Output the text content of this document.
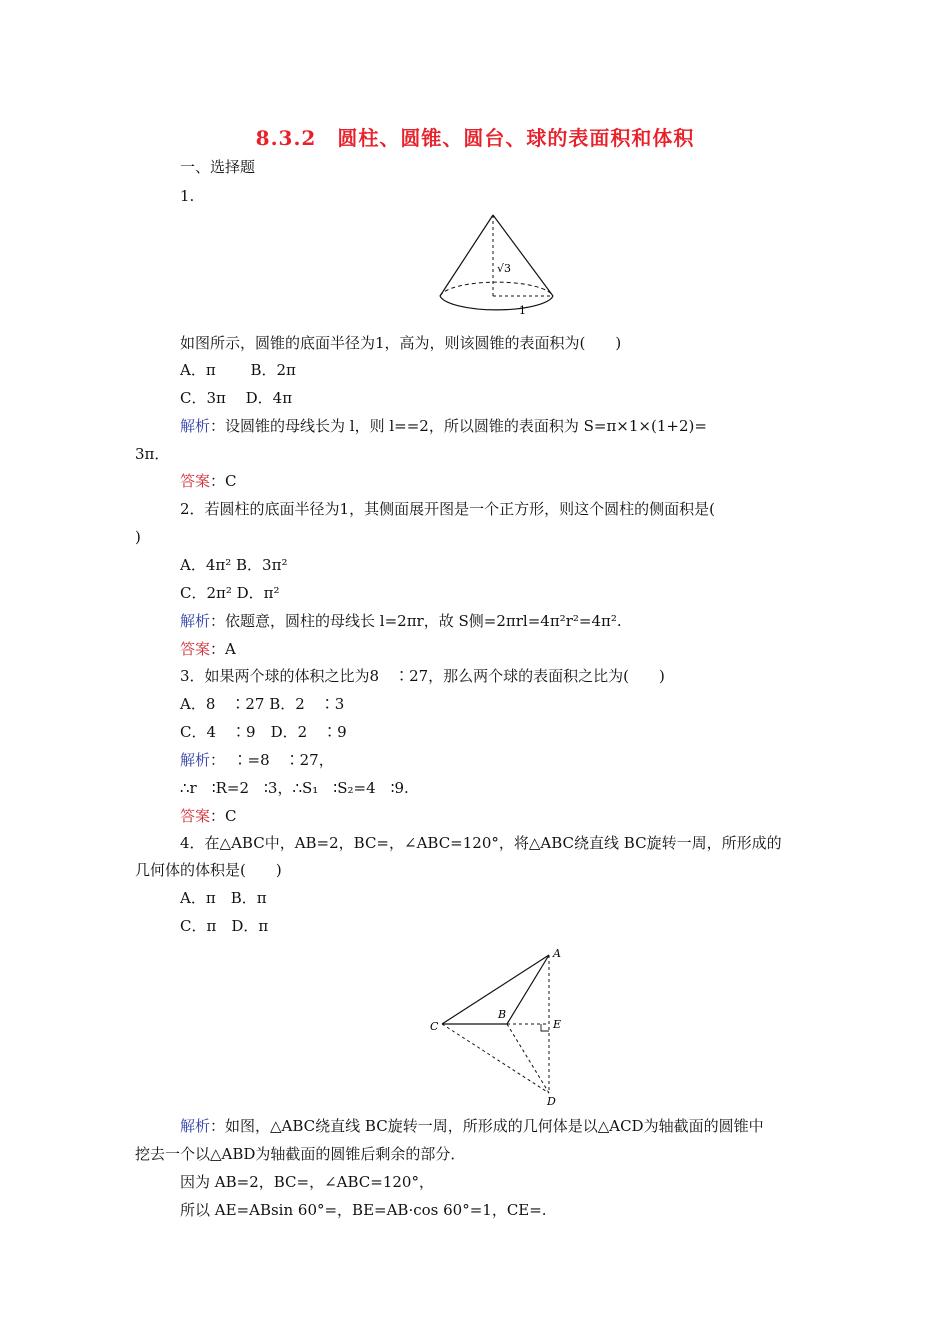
8.3.2　圆柱、圆锥、圆台、球的表面积和体积
一、选择题
1.
√3
1
如图所示，圆锥的底面半径为1，高为，则该圆锥的表面积为(　　)
A．π　　 B．2π
C．3π　 D．4π
解析：设圆锥的母线长为 l，则 l==2，所以圆锥的表面积为 S=π×1×(1+2)=
3π．
答案：C
2．若圆柱的底面半径为1，其侧面展开图是一个正方形，则这个圆柱的侧面积是(
)
A．4π² B．3π²
C．2π² D．π²
解析：依题意，圆柱的母线长 l=2πr，故 S侧=2πrl=4π²r²=4π².
答案：A
3．如果两个球的体积之比为8　∶27，那么两个球的表面积之比为(　　)
A．8　∶27 B．2　∶3
C．4　∶9　D．2　∶9
解析：　∶=8　∶27，
∴r　∶R=2　∶3，∴S₁　∶S₂=4　∶9.
答案：C
4．在△ABC中，AB=2，BC=，∠ABC=120°，将△ABC绕直线 BC旋转一周，所形成的
几何体的体积是(　　)
A．π　B．π
C．π　D．π
A
B
C	E
D
解析：如图，△ABC绕直线 BC旋转一周，所形成的几何体是以△ACD为轴截面的圆锥中
挖去一个以△ABD为轴截面的圆锥后剩余的部分．
因为 AB=2，BC=，∠ABC=120°，
所以 AE=ABsin 60°=，BE=AB·cos 60°=1，CE=.
